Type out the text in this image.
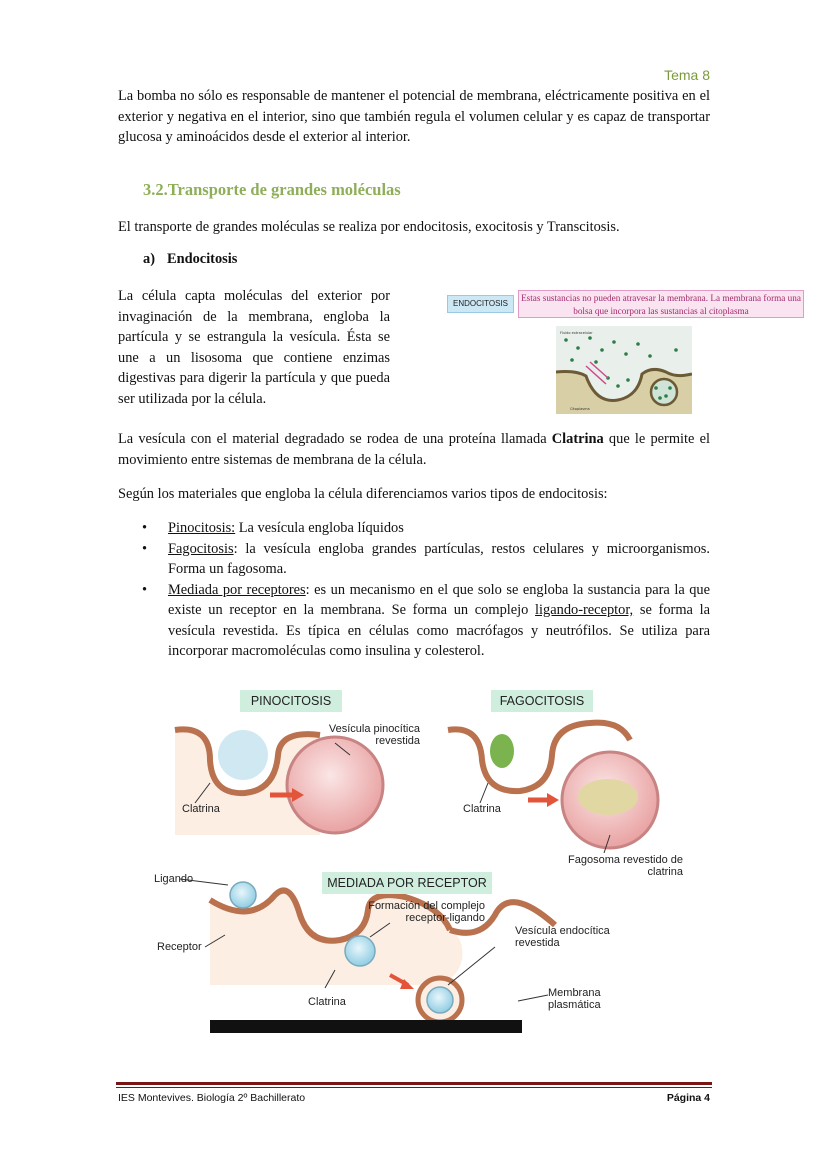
Tema 8
La bomba no sólo es responsable de mantener el potencial de membrana, eléctricamente positiva en el exterior y negativa en el interior, sino que también regula el volumen celular y es capaz de transportar glucosa y aminoácidos desde el exterior al interior.
3.2.Transporte de grandes moléculas
El transporte de grandes moléculas se realiza por endocitosis, exocitosis y Transcitosis.
a) Endocitosis
La célula capta moléculas del exterior por invaginación de la membrana, engloba la partícula y se estrangula la vesícula. Ésta se une a un lisosoma que contiene enzimas digestivas para digerir la partícula y que pueda ser utilizada por la célula.
ENDOCITOSIS
Estas sustancias no pueden atravesar la membrana. La membrana forma una bolsa que incorpora las sustancias al citoplasma
Fluido extracelular
Citoplasma
La vesícula con el material degradado se rodea de una proteína llamada Clatrina que le permite el movimiento entre sistemas de membrana de la célula.
Según los materiales que engloba la célula diferenciamos varios tipos de endocitosis:
• Pinocitosis: La vesícula engloba líquidos
• Fagocitosis: la vesícula engloba grandes partículas, restos celulares y microorganismos. Forma un fagosoma.
• Mediada por receptores: es un mecanismo en el que solo se engloba la sustancia para la que existe un receptor en la membrana. Se forma un complejo ligando-receptor, se forma la vesícula revestida. Es típica en células como macrófagos y neutrófilos. Se utiliza para incorporar macromoléculas como insulina y colesterol.
PINOCITOSIS	FAGOCITOSIS
MEDIADA POR RECEPTOR
Vesícula pinocítica revestida
Clatrina	Clatrina
Fagosoma revestido de clatrina
Ligando
Receptor
Formación del complejo receptor-ligando
Vesícula endocítica revestida
Clatrina
Membrana plasmática
IES Montevives. Biología 2º Bachillerato	Página 4
